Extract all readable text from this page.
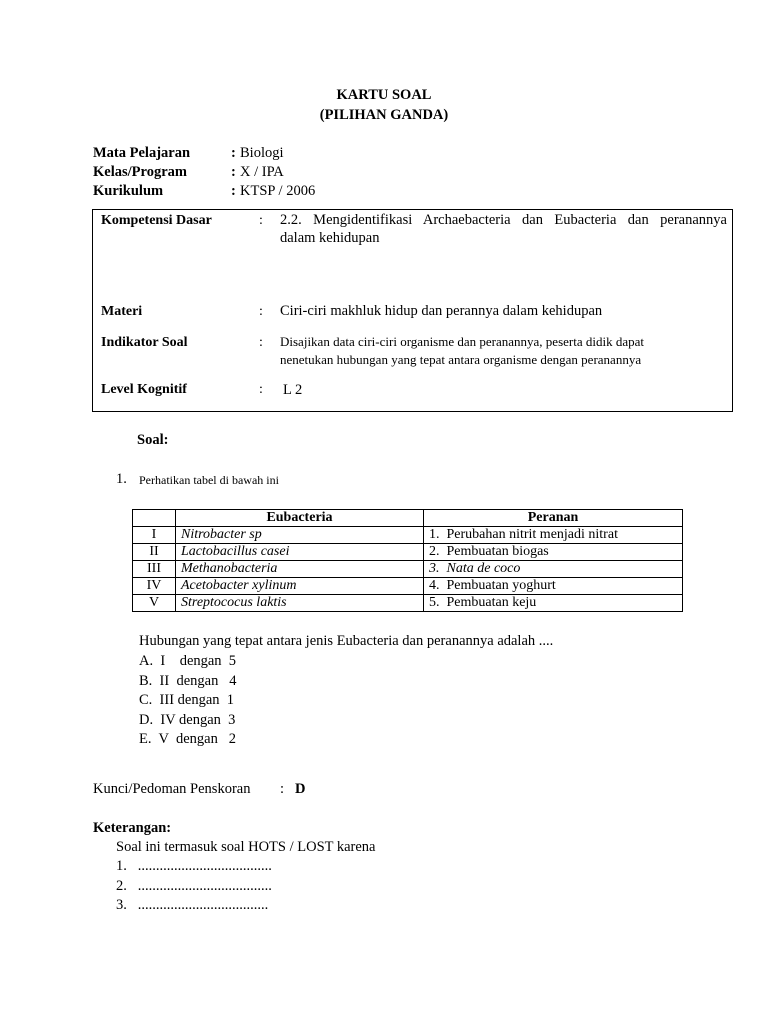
KARTU SOAL
(PILIHAN GANDA)
Mata Pelajaran	: Biologi
Kelas/Program	: X / IPA
Kurikulum	: KTSP / 2006
Kompetensi Dasar	: 2.2. Mengidentifikasi Archaebacteria dan Eubacteria dan peranannya
dalam kehidupan
Materi	: Ciri-ciri makhluk hidup dan perannya dalam kehidupan
Indikator Soal	: Disajikan data ciri-ciri organisme dan peranannya, peserta didik dapat
nenetukan hubungan yang tepat antara organisme dengan peranannya
Level Kognitif	: L 2
Soal:
1. Perhatikan tabel di bawah ini
	Eubacteria	Peranan
I	Nitrobacter sp	1. Perubahan nitrit menjadi nitrat
II	Lactobacillus casei	2. Pembuatan biogas
III	Methanobacteria	3. Nata de coco
IV	Acetobacter xylinum	4. Pembuatan yoghurt
V	Streptococus laktis	5. Pembuatan keju
Hubungan yang tepat antara jenis Eubacteria dan peranannya adalah ....
A. I    dengan  5
B. II  dengan   4
C. III dengan  1
D. IV dengan  3
E. V  dengan   2
Kunci/Pedoman Penskoran : D
Keterangan:
Soal ini termasuk soal HOTS / LOST karena
1. .....................................
2. .....................................
3. ....................................
